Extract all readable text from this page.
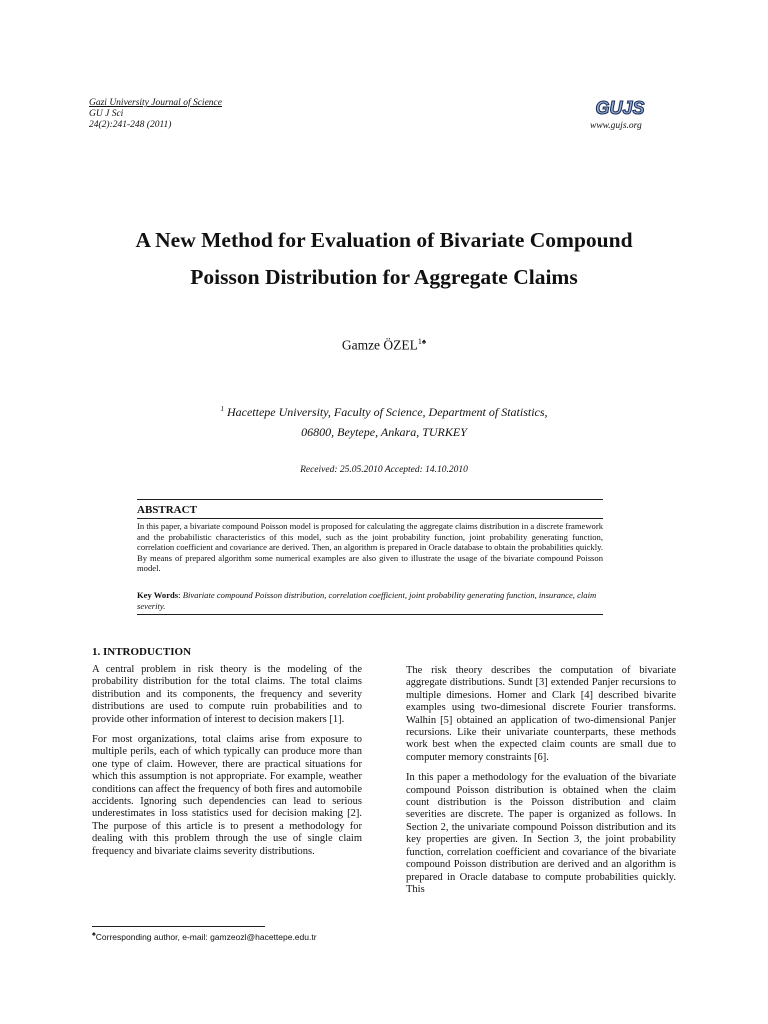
Gazi University Journal of Science
GU J Sci
24(2):241-248 (2011)
GUJS
www.gujs.org
A New Method for Evaluation of Bivariate Compound
Poisson Distribution for Aggregate Claims
Gamze $ÖZEL^{1♠}$
$^1$ Hacettepe University, Faculty of Science, Department of Statistics,
06800, Beytepe, Ankara, TURKEY
Received: 25.05.2010 Accepted: 14.10.2010
ABSTRACT
In this paper, a bivariate compound Poisson model is proposed for calculating the aggregate claims distribution in a discrete framework and the probabilistic characteristics of this model, such as the joint probability function, joint probability generating function, correlation coefficient and covariance are derived. Then, an algorithm is prepared in Oracle database to obtain the probabilities quickly. By means of prepared algorithm some numerical examples are also given to illustrate the usage of the bivariate compound Poisson model.
Key Words: Bivariate compound Poisson distribution, correlation coefficient, joint probability generating function, insurance, claim severity.
1. INTRODUCTION

A central problem in risk theory is the modeling of the probability distribution for the total claims. The total claims distribution and its components, the frequency and severity distributions are used to compute ruin probabilities and to provide other information of interest to decision makers [1].

For most organizations, total claims arise from exposure to multiple perils, each of which typically can produce more than one type of claim. However, there are practical situations for which this assumption is not appropriate. For example, weather conditions can affect the frequency of both fires and automobile accidents. Ignoring such dependencies can lead to serious underestimates in loss statistics used for decision making [2]. The purpose of this article is to present a methodology for dealing with this problem through the use of single claim frequency and bivariate claims severity distributions.

The risk theory describes the computation of bivariate aggregate distributions. Sundt [3] extended Panjer recursions to multiple dimesions. Homer and Clark [4] described bivarite examples using two-dimesional discrete Fourier transforms. Walhin [5] obtained an application of two-dimensional Panjer recursions. Like their univariate counterparts, these methods work best when the expected claim counts are small due to computer memory constraints [6].

In this paper a methodology for the evaluation of the bivariate compound Poisson distribution is obtained when the claim count distribution is the Poisson distribution and claim severities are discrete. The paper is organized as follows. In Section 2, the univariate compound Poisson distribution and its key properties are given. In Section 3, the joint probability function, correlation coefficient and covariance of the bivariate compound Poisson distribution are derived and an algorithm is prepared in Oracle database to compute probabilities quickly. This

♠Corresponding author, e-mail: gamzeozl@hacettepe.edu.tr
